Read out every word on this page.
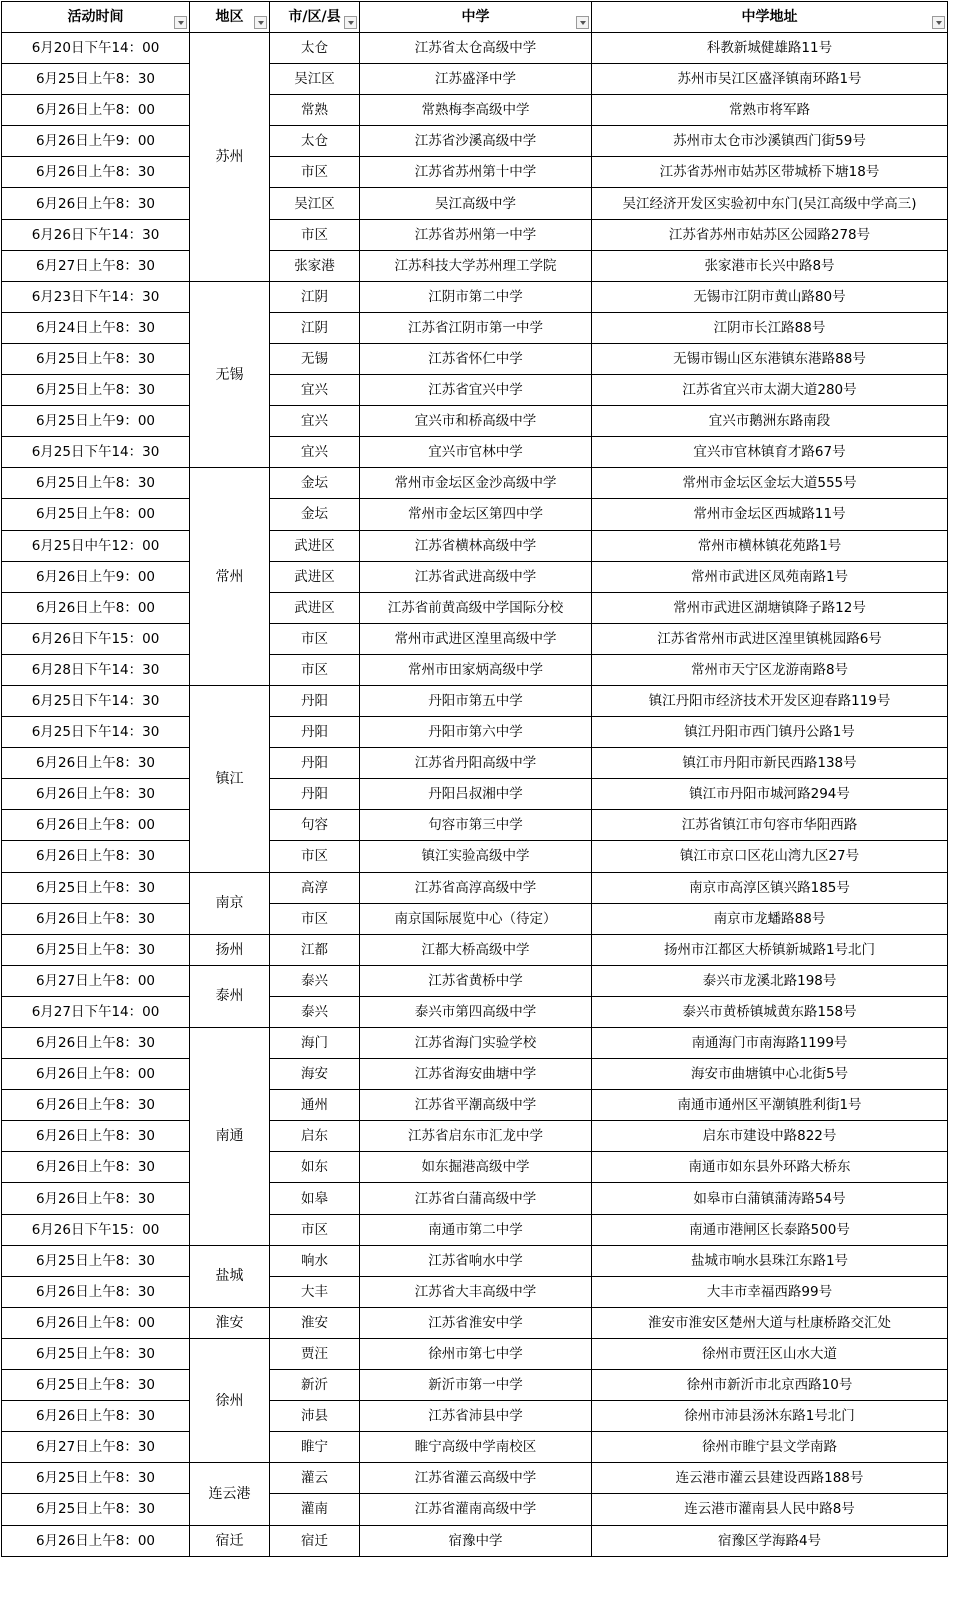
活动时间	地区	市/区/县	中学	中学地址

6月20日下午14：00	苏州	太仓	江苏省太仓高级中学	科教新城健雄路11号
6月25日上午8：30		吴江区	江苏盛泽中学	苏州市吴江区盛泽镇南环路1号
6月26日上午8：00		常熟	常熟梅李高级中学	常熟市将军路
6月26日上午9：00		太仓	江苏省沙溪高级中学	苏州市太仓市沙溪镇西门街59号
6月26日上午8：30		市区	江苏省苏州第十中学	江苏省苏州市姑苏区带城桥下塘18号
6月26日上午8：30		吴江区	吴江高级中学	吴江经济开发区实验初中东门(吴江高级中学高三)
6月26日下午14：30		市区	江苏省苏州第一中学	江苏省苏州市姑苏区公园路278号
6月27日上午8：30		张家港	江苏科技大学苏州理工学院	张家港市长兴中路8号
6月23日下午14：30	无锡	江阴	江阴市第二中学	无锡市江阴市黄山路80号
6月24日上午8：30		江阴	江苏省江阴市第一中学	江阴市长江路88号
6月25日上午8：30		无锡	江苏省怀仁中学	无锡市锡山区东港镇东港路88号
6月25日上午8：30		宜兴	江苏省宜兴中学	江苏省宜兴市太湖大道280号
6月25日上午9：00		宜兴	宜兴市和桥高级中学	宜兴市鹅洲东路南段
6月25日下午14：30		宜兴	宜兴市官林中学	宜兴市官林镇育才路67号
6月25日上午8：30	常州	金坛	常州市金坛区金沙高级中学	常州市金坛区金坛大道555号
6月25日上午8：00		金坛	常州市金坛区第四中学	常州市金坛区西城路11号
6月25日中午12：00		武进区	江苏省横林高级中学	常州市横林镇花苑路1号
6月26日上午9：00		武进区	江苏省武进高级中学	常州市武进区凤苑南路1号
6月26日上午8：00		武进区	江苏省前黄高级中学国际分校	常州市武进区湖塘镇降子路12号
6月26日下午15：00		市区	常州市武进区湟里高级中学	江苏省常州市武进区湟里镇桃园路6号
6月28日下午14：30		市区	常州市田家炳高级中学	常州市天宁区龙游南路8号
6月25日下午14：30	镇江	丹阳	丹阳市第五中学	镇江丹阳市经济技术开发区迎春路119号
6月25日下午14：30		丹阳	丹阳市第六中学	镇江丹阳市西门镇丹公路1号
6月26日上午8：30		丹阳	江苏省丹阳高级中学	镇江市丹阳市新民西路138号
6月26日上午8：30		丹阳	丹阳吕叔湘中学	镇江市丹阳市城河路294号
6月26日上午8：00		句容	句容市第三中学	江苏省镇江市句容市华阳西路
6月26日上午8：30		市区	镇江实验高级中学	镇江市京口区花山湾九区27号
6月25日上午8：30	南京	高淳	江苏省高淳高级中学	南京市高淳区镇兴路185号
6月26日上午8：30		市区	南京国际展览中心（待定）	南京市龙蟠路88号
6月25日上午8：30	扬州	江都	江都大桥高级中学	扬州市江都区大桥镇新城路1号北门
6月27日上午8：00	泰州	泰兴	江苏省黄桥中学	泰兴市龙溪北路198号
6月27日下午14：00		泰兴	泰兴市第四高级中学	泰兴市黄桥镇城黄东路158号
6月26日上午8：30	南通	海门	江苏省海门实验学校	南通海门市南海路1199号
6月26日上午8：00		海安	江苏省海安曲塘中学	海安市曲塘镇中心北街5号
6月26日上午8：30		通州	江苏省平潮高级中学	南通市通州区平潮镇胜利街1号
6月26日上午8：30		启东	江苏省启东市汇龙中学	启东市建设中路822号
6月26日上午8：30		如东	如东掘港高级中学	南通市如东县外环路大桥东
6月26日上午8：30		如皋	江苏省白蒲高级中学	如皋市白蒲镇蒲涛路54号
6月26日下午15：00		市区	南通市第二中学	南通市港闸区长泰路500号
6月25日上午8：30	盐城	响水	江苏省响水中学	盐城市响水县珠江东路1号
6月26日上午8：30		大丰	江苏省大丰高级中学	大丰市幸福西路99号
6月26日上午8：00	淮安	淮安	江苏省淮安中学	淮安市淮安区楚州大道与杜康桥路交汇处
6月25日上午8：30	徐州	贾汪	徐州市第七中学	徐州市贾汪区山水大道
6月25日上午8：30		新沂	新沂市第一中学	徐州市新沂市北京西路10号
6月26日上午8：30		沛县	江苏省沛县中学	徐州市沛县汤沐东路1号北门
6月27日上午8：30		睢宁	睢宁高级中学南校区	徐州市睢宁县文学南路
6月25日上午8：30	连云港	灌云	江苏省灌云高级中学	连云港市灌云县建设西路188号
6月25日上午8：30		灌南	江苏省灌南高级中学	连云港市灌南县人民中路8号
6月26日上午8：00	宿迁	宿迁	宿豫中学	宿豫区学海路4号
